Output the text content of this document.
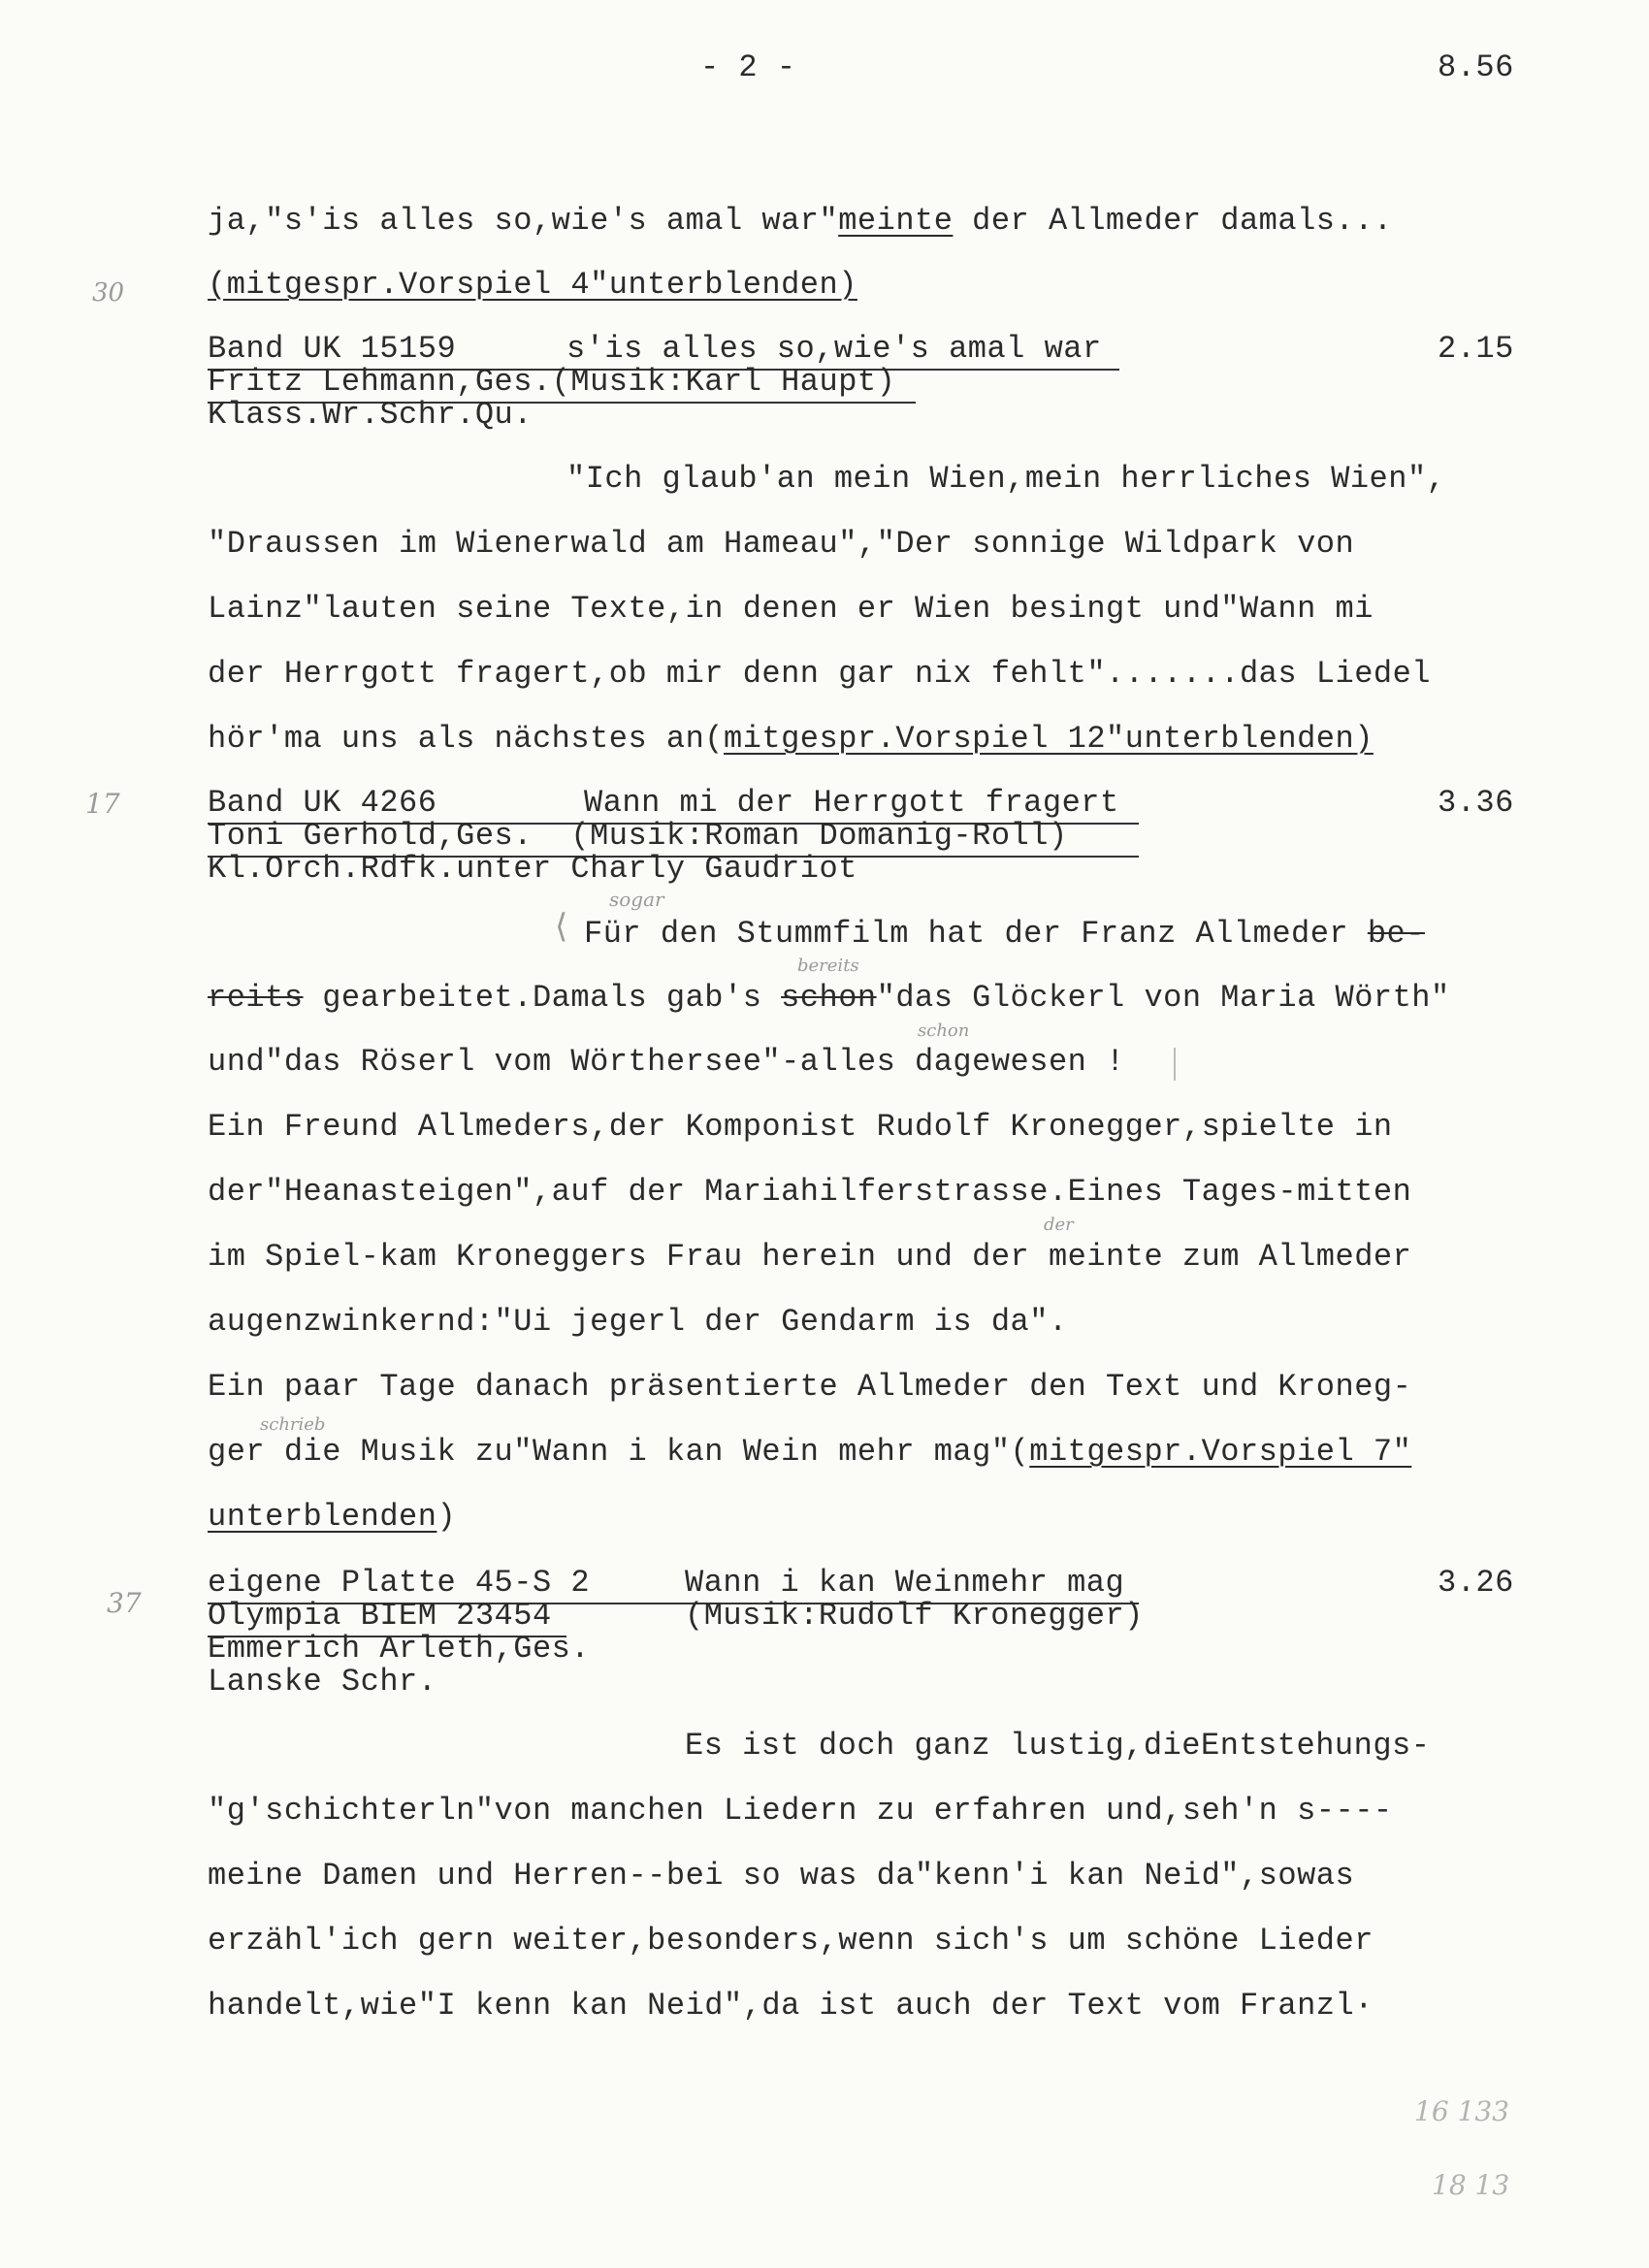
- 2 -	8.56
ja,"s'is alles so,wie's amal war"meinte der Allmeder damals...
(mitgespr.Vorspiel 4"unterblenden)
30
Band UK 15159	s'is alles so,wie's amal war	2.15
Fritz Lehmann,Ges.(Musik:Karl Haupt)
Klass.Wr.Schr.Qu.
"Ich glaub'an mein Wien,mein herrliches Wien",
"Draussen im Wienerwald am Hameau","Der sonnige Wildpark von
Lainz"lauten seine Texte,in denen er Wien besingt und"Wann mi
der Herrgott fragert,ob mir denn gar nix fehlt".......das Liedel
hör'ma uns als nächstes an(mitgespr.Vorspiel 12"unterblenden)
17	Band UK 4266	Wann mi der Herrgott fragert	3.36
Toni Gerhold,Ges.  (Musik:Roman Domanig-Roll)
Kl.Orch.Rdfk.unter Charly Gaudriot
sogar
⟨ Für den Stummfilm hat der Franz Allmeder be-
bereits
reits gearbeitet.Damals gab's schon"das Glöckerl von Maria Wörth"
schon
und"das Röserl vom Wörthersee"-alles dagewesen !
Ein Freund Allmeders,der Komponist Rudolf Kronegger,spielte in
der"Heanasteigen",auf der Mariahilferstrasse.Eines Tages-mitten
der
im Spiel-kam Kroneggers Frau herein und der meinte zum Allmeder
augenzwinkernd:"Ui jegerl der Gendarm is da".
Ein paar Tage danach präsentierte Allmeder den Text und Kroneg-
schrieb
ger die Musik zu"Wann i kan Wein mehr mag"(mitgespr.Vorspiel 7"
unterblenden)
37
eigene Platte 45-S 2	Wann i kan Weinmehr mag	3.26
Olympia BIEM 23454	(Musik:Rudolf Kronegger)
Emmerich Arleth,Ges.
Lanske Schr.
Es ist doch ganz lustig,dieEntstehungs-
"g'schichterln"von manchen Liedern zu erfahren und,seh'n s----
meine Damen und Herren--bei so was da"kenn'i kan Neid",sowas
erzähl'ich gern weiter,besonders,wenn sich's um schöne Lieder
handelt,wie"I kenn kan Neid",da ist auch der Text vom Franzl·
16 133
18 13
